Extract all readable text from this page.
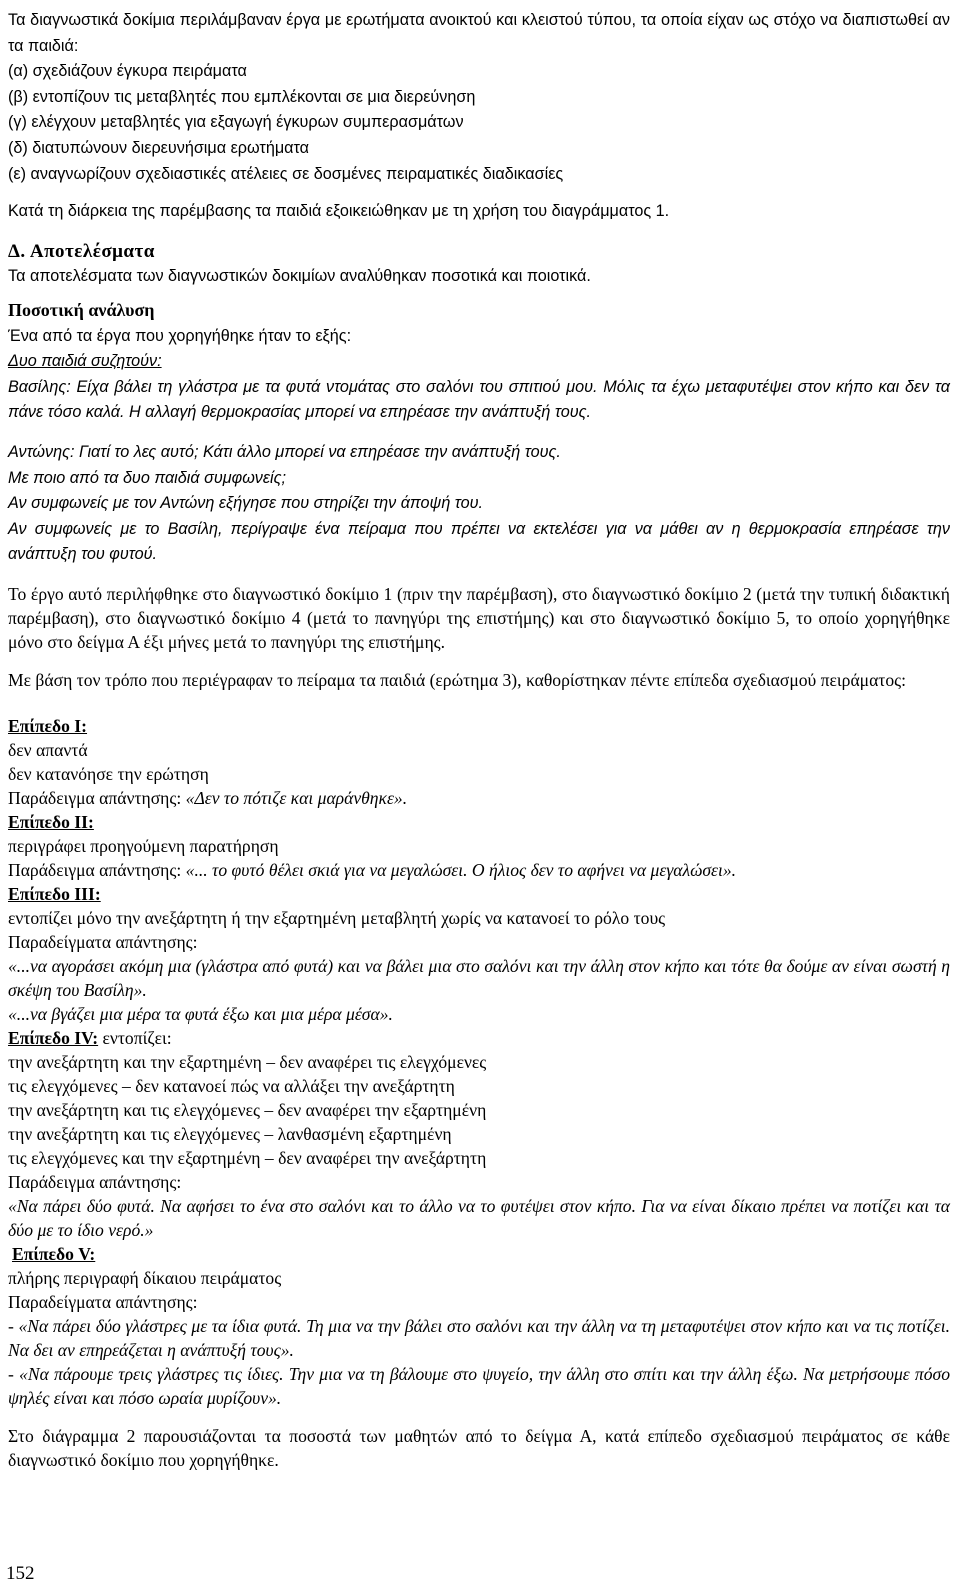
Τα διαγνωστικά δοκίμια περιλάμβαναν έργα με ερωτήματα ανοικτού και κλειστού τύπου, τα οποία είχαν ως στόχο να διαπιστωθεί αν τα παιδιά:

(α) σχεδιάζουν έγκυρα πειράματα

(β) εντοπίζουν τις μεταβλητές που εμπλέκονται σε μια διερεύνηση

(γ) ελέγχουν μεταβλητές για εξαγωγή έγκυρων συμπερασμάτων

(δ) διατυπώνουν διερευνήσιμα ερωτήματα

(ε) αναγνωρίζουν σχεδιαστικές ατέλειες σε δοσμένες πειραματικές διαδικασίες

Κατά τη διάρκεια της παρέμβασης τα παιδιά εξοικειώθηκαν με τη χρήση του διαγράμματος 1.

Δ. Αποτελέσματα

Τα αποτελέσματα των διαγνωστικών δοκιμίων αναλύθηκαν ποσοτικά και ποιοτικά.

Ποσοτική ανάλυση

Ένα από τα έργα που χορηγήθηκε ήταν το εξής:

Δυο παιδιά συζητούν:

Βασίλης: Είχα βάλει τη γλάστρα με τα φυτά ντομάτας στο σαλόνι του σπιτιού μου. Μόλις τα έχω μεταφυτέψει στον κήπο και δεν τα πάνε τόσο καλά. Η αλλαγή θερμοκρασίας μπορεί να επηρέασε την ανάπτυξή τους.

Αντώνης: Γιατί το λες αυτό; Κάτι άλλο μπορεί να επηρέασε την ανάπτυξή τους.

Με ποιο από τα δυο παιδιά συμφωνείς;

Αν συμφωνείς με τον Αντώνη εξήγησε που στηρίζει την άποψή του.

Αν συμφωνείς με το Βασίλη, περίγραψε ένα πείραμα που πρέπει να εκτελέσει για να μάθει αν η θερμοκρασία επηρέασε την ανάπτυξη του φυτού.

Το έργο αυτό περιλήφθηκε στο διαγνωστικό δοκίμιο 1 (πριν την παρέμβαση), στο διαγνωστικό δοκίμιο 2 (μετά την τυπική διδακτική παρέμβαση), στο διαγνωστικό δοκίμιο 4 (μετά το πανηγύρι της επιστήμης) και στο διαγνωστικό δοκίμιο 5, το οποίο χορηγήθηκε μόνο στο δείγμα Α έξι μήνες μετά το πανηγύρι της επιστήμης.

Με βάση τον τρόπο που περιέγραφαν το πείραμα τα παιδιά (ερώτημα 3), καθορίστηκαν πέντε επίπεδα σχεδιασμού πειράματος:

Επίπεδο Ι:

δεν απαντά

δεν κατανόησε την ερώτηση

Παράδειγμα απάντησης: «Δεν το πότιζε και μαράνθηκε».

Επίπεδο ΙΙ:

περιγράφει προηγούμενη παρατήρηση

Παράδειγμα απάντησης: «... το φυτό θέλει σκιά για να μεγαλώσει. Ο ήλιος δεν το αφήνει να μεγαλώσει».

Επίπεδο ΙΙΙ:

εντοπίζει μόνο την ανεξάρτητη ή την εξαρτημένη μεταβλητή χωρίς να κατανοεί το ρόλο τους

Παραδείγματα απάντησης:

«...να αγοράσει ακόμη μια (γλάστρα από φυτά) και να βάλει μια στο σαλόνι και την άλλη στον κήπο και τότε θα δούμε αν είναι σωστή η σκέψη του Βασίλη».

«...να βγάζει μια μέρα τα φυτά έξω και μια μέρα μέσα».

Επίπεδο ΙV: εντοπίζει:

την ανεξάρτητη και την εξαρτημένη – δεν αναφέρει τις ελεγχόμενες

τις ελεγχόμενες – δεν κατανοεί πώς να αλλάξει την ανεξάρτητη

την ανεξάρτητη και τις ελεγχόμενες – δεν αναφέρει την εξαρτημένη

την ανεξάρτητη και τις ελεγχόμενες – λανθασμένη εξαρτημένη

τις ελεγχόμενες και την εξαρτημένη – δεν αναφέρει την ανεξάρτητη

Παράδειγμα απάντησης:

«Να πάρει δύο φυτά. Να αφήσει το ένα στο σαλόνι και το άλλο να το φυτέψει στον κήπο. Για να είναι δίκαιο πρέπει να ποτίζει και τα δύο με το ίδιο νερό.»

Επίπεδο V:

πλήρης περιγραφή δίκαιου πειράματος

Παραδείγματα απάντησης:

- «Να πάρει δύο γλάστρες με τα ίδια φυτά. Τη μια να την βάλει στο σαλόνι και την άλλη να τη μεταφυτέψει στον κήπο και να τις ποτίζει. Να δει αν επηρεάζεται η ανάπτυξή τους».

- «Να πάρουμε τρεις γλάστρες τις ίδιες. Την μια να τη βάλουμε στο ψυγείο, την άλλη στο σπίτι και την άλλη έξω. Να μετρήσουμε πόσο ψηλές είναι και πόσο ωραία μυρίζουν».

Στο διάγραμμα 2 παρουσιάζονται τα ποσοστά των μαθητών από το δείγμα Α, κατά επίπεδο σχεδιασμού πειράματος σε κάθε διαγνωστικό δοκίμιο που χορηγήθηκε.

152
